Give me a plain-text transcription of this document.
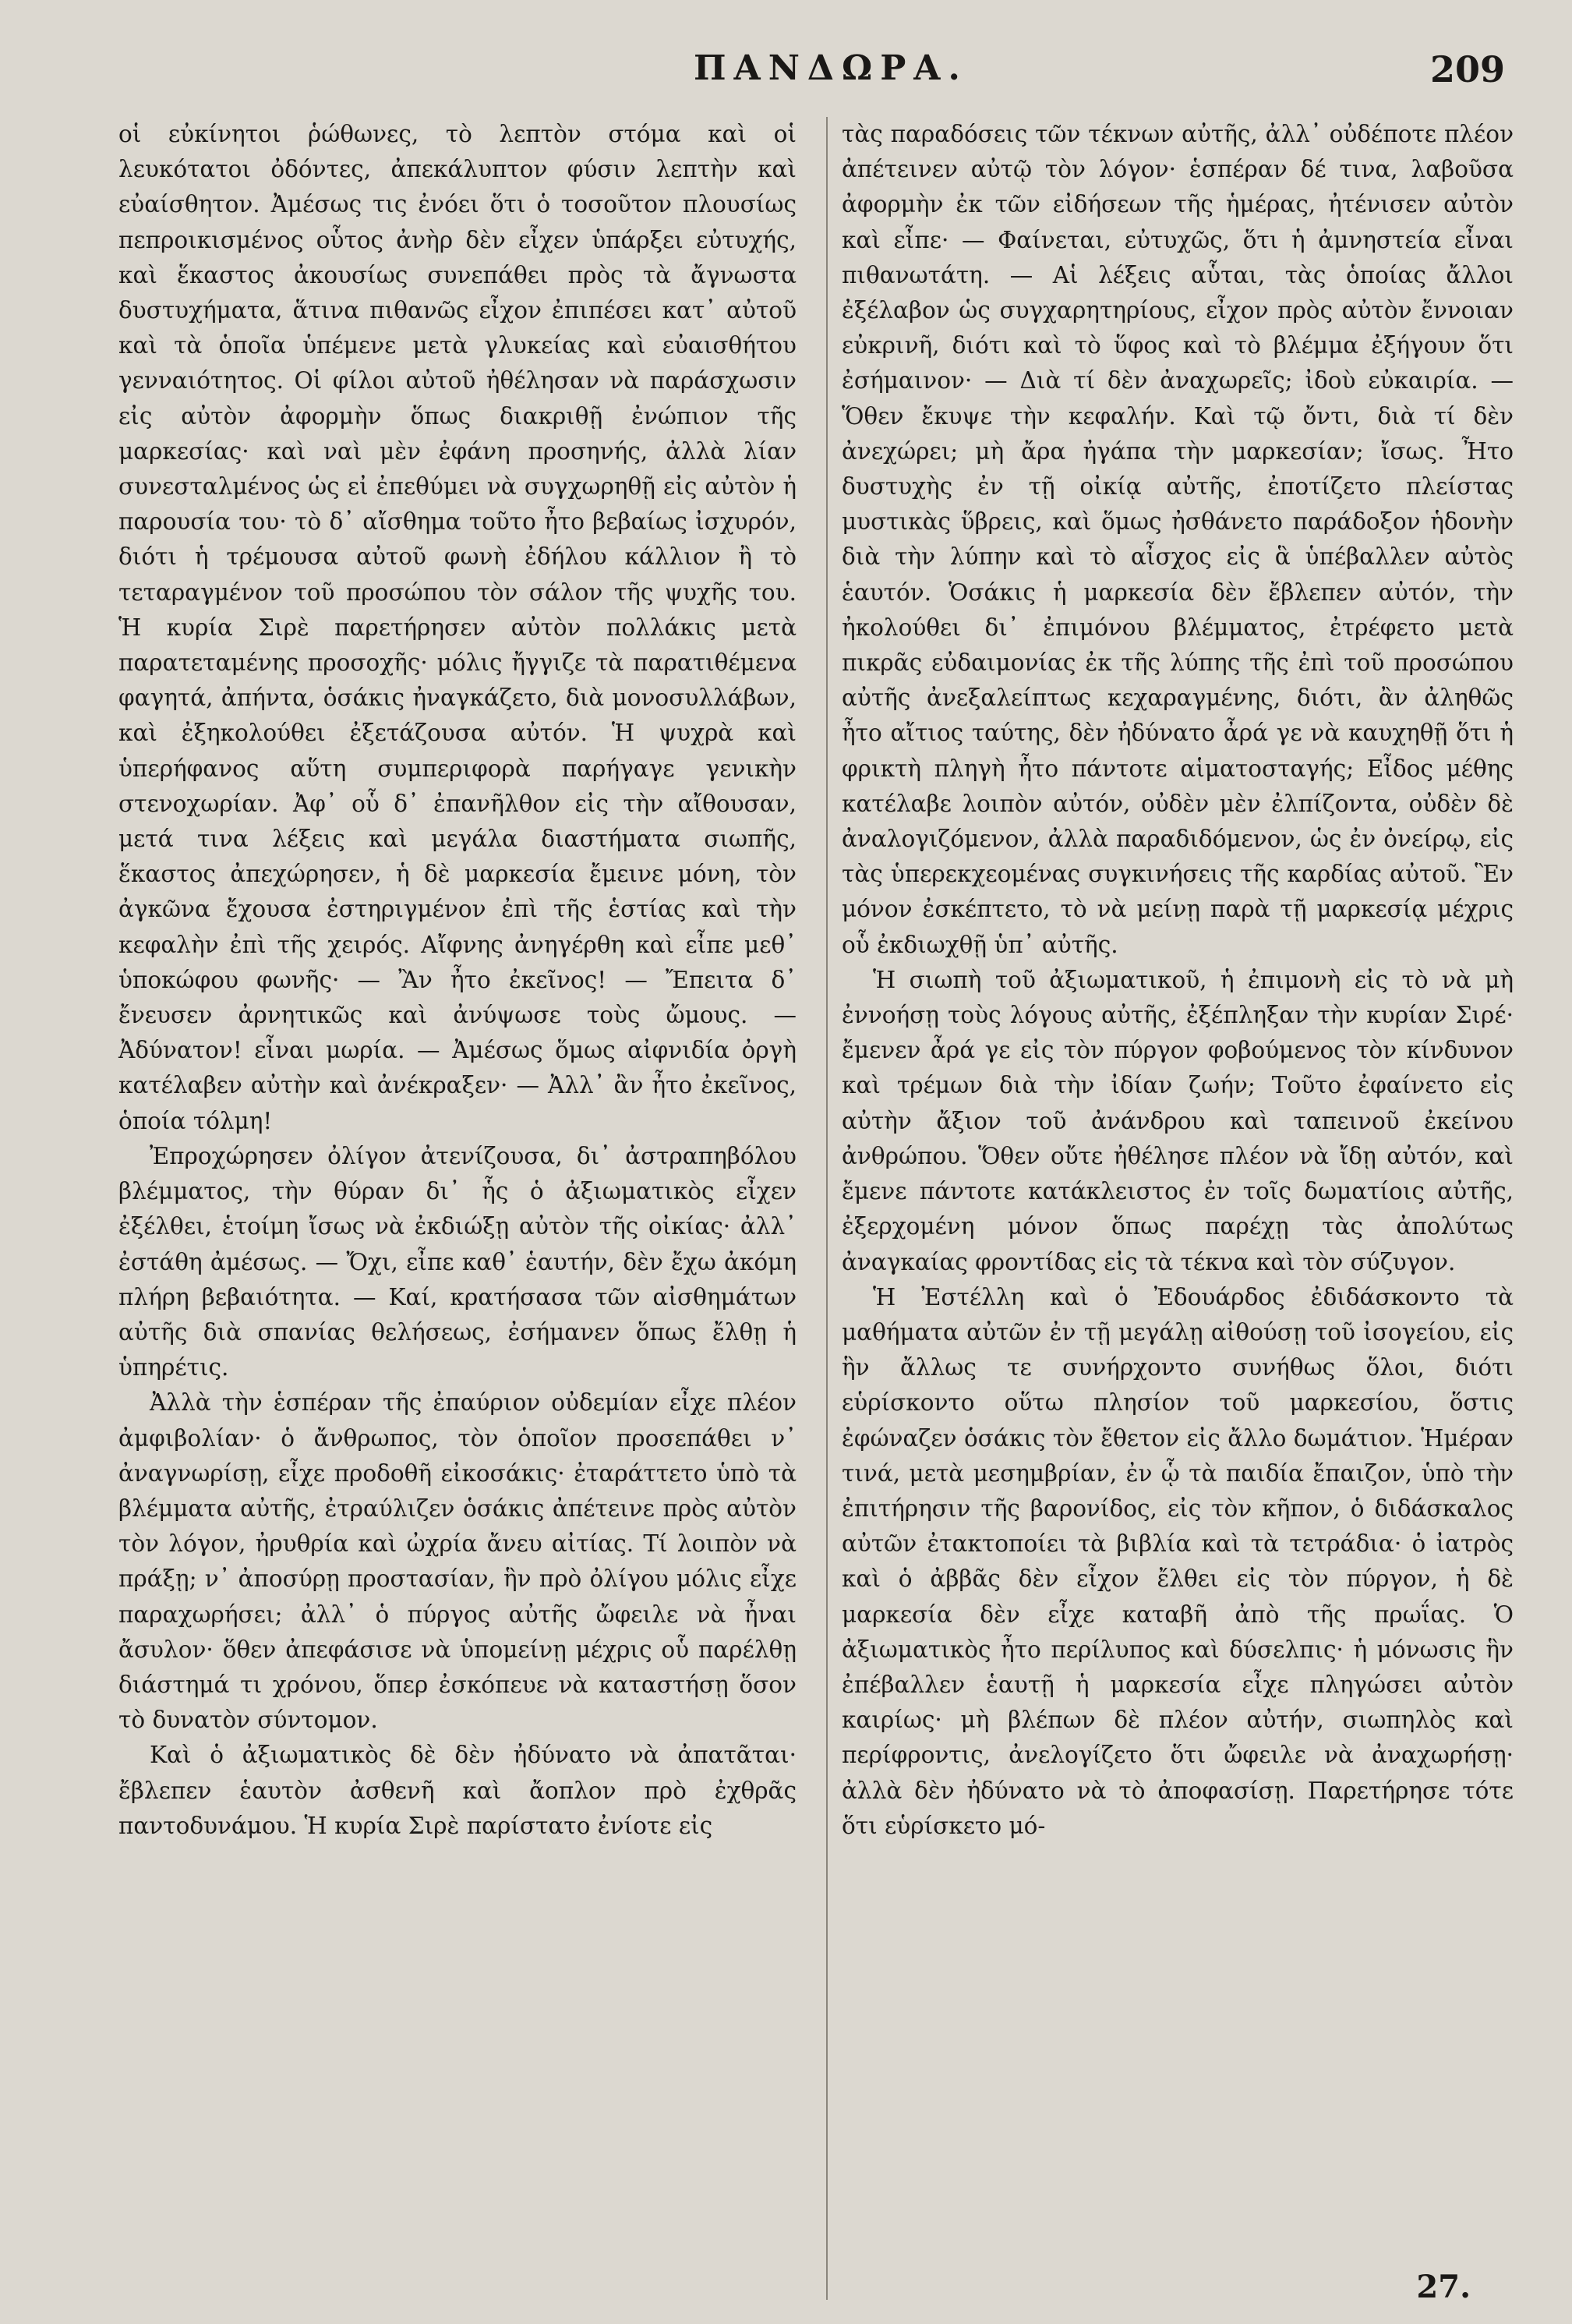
ΠΑΝΔΩΡΑ.	209

οἱ εὐκίνητοι ῥώθωνες, τὸ λεπτὸν στόμα καὶ οἱ λευκότατοι ὀδόντες, ἀπεκάλυπτον φύσιν λεπτὴν καὶ εὐαίσθητον. Ἀμέσως τις ἐνόει ὅτι ὁ τοσοῦτον πλουσίως πεπροικισμένος οὗτος ἀνὴρ δὲν εἶχεν ὑπάρξει εὐτυχής, καὶ ἕκαστος ἀκουσίως συνεπάθει πρὸς τὰ ἄγνωστα δυστυχήματα, ἅτινα πιθανῶς εἶχον ἐπιπέσει κατ᾽ αὐτοῦ καὶ τὰ ὁποῖα ὑπέμενε μετὰ γλυκείας καὶ εὐαισθήτου γενναιότητος. Οἱ φίλοι αὐτοῦ ἠθέλησαν νὰ παράσχωσιν εἰς αὐτὸν ἀφορμὴν ὅπως διακριθῇ ἐνώπιον τῆς μαρκεσίας· καὶ ναὶ μὲν ἐφάνη προσηνής, ἀλλὰ λίαν συνεσταλμένος ὡς εἰ ἐπεθύμει νὰ συγχωρηθῇ εἰς αὐτὸν ἡ παρουσία του· τὸ δ᾽ αἴσθημα τοῦτο ἦτο βεβαίως ἰσχυρόν, διότι ἡ τρέμουσα αὐτοῦ φωνὴ ἐδήλου κάλλιον ἢ τὸ τεταραγμένον τοῦ προσώπου τὸν σάλον τῆς ψυχῆς του. Ἡ κυρία Σιρὲ παρετήρησεν αὐτὸν πολλάκις μετὰ παρατεταμένης προσοχῆς· μόλις ἤγγιζε τὰ παρατιθέμενα φαγητά, ἀπήντα, ὁσάκις ἠναγκάζετο, διὰ μονοσυλλάβων, καὶ ἐξηκολούθει ἐξετάζουσα αὐτόν. Ἡ ψυχρὰ καὶ ὑπερήφανος αὕτη συμπεριφορὰ παρήγαγε γενικὴν στενοχωρίαν. Ἀφ᾽ οὗ δ᾽ ἐπανῆλθον εἰς τὴν αἴθουσαν, μετά τινα λέξεις καὶ μεγάλα διαστήματα σιωπῆς, ἕκαστος ἀπεχώρησεν, ἡ δὲ μαρκεσία ἔμεινε μόνη, τὸν ἀγκῶνα ἔχουσα ἐστηριγμένον ἐπὶ τῆς ἑστίας καὶ τὴν κεφαλὴν ἐπὶ τῆς χειρός. Αἴφνης ἀνηγέρθη καὶ εἶπε μεθ᾽ ὑποκώφου φωνῆς· — Ἂν ἦτο ἐκεῖνος! — Ἔπειτα δ᾽ ἔνευσεν ἀρνητικῶς καὶ ἀνύψωσε τοὺς ὤμους. — Ἀδύνατον! εἶναι μωρία. — Ἀμέσως ὅμως αἰφνιδία ὀργὴ κατέλαβεν αὐτὴν καὶ ἀνέκραξεν· — Ἀλλ᾽ ἂν ἦτο ἐκεῖνος, ὁποία τόλμη!

Ἐπροχώρησεν ὀλίγον ἀτενίζουσα, δι᾽ ἀστραπηβόλου βλέμματος, τὴν θύραν δι᾽ ἧς ὁ ἀξιωματικὸς εἶχεν ἐξέλθει, ἑτοίμη ἴσως νὰ ἐκδιώξῃ αὐτὸν τῆς οἰκίας· ἀλλ᾽ ἐστάθη ἀμέσως. — Ὄχι, εἶπε καθ᾽ ἑαυτήν, δὲν ἔχω ἀκόμη πλήρη βεβαιότητα. — Καί, κρατήσασα τῶν αἰσθημάτων αὐτῆς διὰ σπανίας θελήσεως, ἐσήμανεν ὅπως ἔλθῃ ἡ ὑπηρέτις.

Ἀλλὰ τὴν ἑσπέραν τῆς ἐπαύριον οὐδεμίαν εἶχε πλέον ἀμφιβολίαν· ὁ ἄνθρωπος, τὸν ὁποῖον προσεπάθει ν᾽ ἀναγνωρίσῃ, εἶχε προδοθῆ εἰκοσάκις· ἐταράττετο ὑπὸ τὰ βλέμματα αὐτῆς, ἐτραύλιζεν ὁσάκις ἀπέτεινε πρὸς αὐτὸν τὸν λόγον, ἠρυθρία καὶ ὠχρία ἄνευ αἰτίας. Τί λοιπὸν νὰ πράξῃ; ν᾽ ἀποσύρῃ προστασίαν, ἣν πρὸ ὀλίγου μόλις εἶχε παραχωρήσει; ἀλλ᾽ ὁ πύργος αὐτῆς ὤφειλε νὰ ἦναι ἄσυλον· ὅθεν ἀπεφάσισε νὰ ὑπομείνῃ μέχρις οὗ παρέλθῃ διάστημά τι χρόνου, ὅπερ ἐσκόπευε νὰ καταστήσῃ ὅσον τὸ δυνατὸν σύντομον.

Καὶ ὁ ἀξιωματικὸς δὲ δὲν ἠδύνατο νὰ ἀπατᾶται· ἔβλεπεν ἑαυτὸν ἀσθενῆ καὶ ἄοπλον πρὸ ἐχθρᾶς παντοδυνάμου. Ἡ κυρία Σιρὲ παρίστατο ἐνίοτε εἰς

τὰς παραδόσεις τῶν τέκνων αὐτῆς, ἀλλ᾽ οὐδέποτε πλέον ἀπέτεινεν αὐτῷ τὸν λόγον· ἑσπέραν δέ τινα, λαβοῦσα ἀφορμὴν ἐκ τῶν εἰδήσεων τῆς ἡμέρας, ἠτένισεν αὐτὸν καὶ εἶπε· — Φαίνεται, εὐτυχῶς, ὅτι ἡ ἀμνηστεία εἶναι πιθανωτάτη. — Αἱ λέξεις αὗται, τὰς ὁποίας ἄλλοι ἐξέλαβον ὡς συγχαρητηρίους, εἶχον πρὸς αὐτὸν ἔννοιαν εὐκρινῆ, διότι καὶ τὸ ὕφος καὶ τὸ βλέμμα ἐξήγουν ὅτι ἐσήμαινον· — Διὰ τί δὲν ἀναχωρεῖς; ἰδοὺ εὐκαιρία. — Ὅθεν ἔκυψε τὴν κεφαλήν. Καὶ τῷ ὄντι, διὰ τί δὲν ἀνεχώρει; μὴ ἄρα ἠγάπα τὴν μαρκεσίαν; ἴσως. Ἦτο δυστυχὴς ἐν τῇ οἰκίᾳ αὐτῆς, ἐποτίζετο πλείστας μυστικὰς ὕβρεις, καὶ ὅμως ἠσθάνετο παράδοξον ἡδονὴν διὰ τὴν λύπην καὶ τὸ αἶσχος εἰς ἃ ὑπέβαλλεν αὐτὸς ἑαυτόν. Ὁσάκις ἡ μαρκεσία δὲν ἔβλεπεν αὐτόν, τὴν ἠκολούθει δι᾽ ἐπιμόνου βλέμματος, ἐτρέφετο μετὰ πικρᾶς εὐδαιμονίας ἐκ τῆς λύπης τῆς ἐπὶ τοῦ προσώπου αὐτῆς ἀνεξαλείπτως κεχαραγμένης, διότι, ἂν ἀληθῶς ἦτο αἴτιος ταύτης, δὲν ἠδύνατο ἆρά γε νὰ καυχηθῇ ὅτι ἡ φρικτὴ πληγὴ ἦτο πάντοτε αἱματοσταγής; Εἶδος μέθης κατέλαβε λοιπὸν αὐτόν, οὐδὲν μὲν ἐλπίζοντα, οὐδὲν δὲ ἀναλογιζόμενον, ἀλλὰ παραδιδόμενον, ὡς ἐν ὀνείρῳ, εἰς τὰς ὑπερεκχεομένας συγκινήσεις τῆς καρδίας αὐτοῦ. Ἓν μόνον ἐσκέπτετο, τὸ νὰ μείνῃ παρὰ τῇ μαρκεσίᾳ μέχρις οὗ ἐκδιωχθῇ ὑπ᾽ αὐτῆς.

Ἡ σιωπὴ τοῦ ἀξιωματικοῦ, ἡ ἐπιμονὴ εἰς τὸ νὰ μὴ ἐννοήσῃ τοὺς λόγους αὐτῆς, ἐξέπληξαν τὴν κυρίαν Σιρέ· ἔμενεν ἆρά γε εἰς τὸν πύργον φοβούμενος τὸν κίνδυνον καὶ τρέμων διὰ τὴν ἰδίαν ζωήν; Τοῦτο ἐφαίνετο εἰς αὐτὴν ἄξιον τοῦ ἀνάνδρου καὶ ταπεινοῦ ἐκείνου ἀνθρώπου. Ὅθεν οὔτε ἠθέλησε πλέον νὰ ἴδῃ αὐτόν, καὶ ἔμενε πάντοτε κατάκλειστος ἐν τοῖς δωματίοις αὐτῆς, ἐξερχομένη μόνον ὅπως παρέχῃ τὰς ἀπολύτως ἀναγκαίας φροντίδας εἰς τὰ τέκνα καὶ τὸν σύζυγον.

Ἡ Ἐστέλλη καὶ ὁ Ἐδουάρδος ἐδιδάσκοντο τὰ μαθήματα αὐτῶν ἐν τῇ μεγάλῃ αἰθούσῃ τοῦ ἰσογείου, εἰς ἣν ἄλλως τε συνήρχοντο συνήθως ὅλοι, διότι εὑρίσκοντο οὕτω πλησίον τοῦ μαρκεσίου, ὅστις ἐφώναζεν ὁσάκις τὸν ἔθετον εἰς ἄλλο δωμάτιον. Ἡμέραν τινά, μετὰ μεσημβρίαν, ἐν ᾧ τὰ παιδία ἔπαιζον, ὑπὸ τὴν ἐπιτήρησιν τῆς βαρονίδος, εἰς τὸν κῆπον, ὁ διδάσκαλος αὐτῶν ἐτακτοποίει τὰ βιβλία καὶ τὰ τετράδια· ὁ ἰατρὸς καὶ ὁ ἀββᾶς δὲν εἶχον ἔλθει εἰς τὸν πύργον, ἡ δὲ μαρκεσία δὲν εἶχε καταβῆ ἀπὸ τῆς πρωΐας. Ὁ ἀξιωματικὸς ἦτο περίλυπος καὶ δύσελπις· ἡ μόνωσις ἣν ἐπέβαλλεν ἑαυτῇ ἡ μαρκεσία εἶχε πληγώσει αὐτὸν καιρίως· μὴ βλέπων δὲ πλέον αὐτήν, σιωπηλὸς καὶ περίφροντις, ἀνελογίζετο ὅτι ὤφειλε νὰ ἀναχωρήσῃ· ἀλλὰ δὲν ἠδύνατο νὰ τὸ ἀποφασίσῃ. Παρετήρησε τότε ὅτι εὑρίσκετο μό-

27.
